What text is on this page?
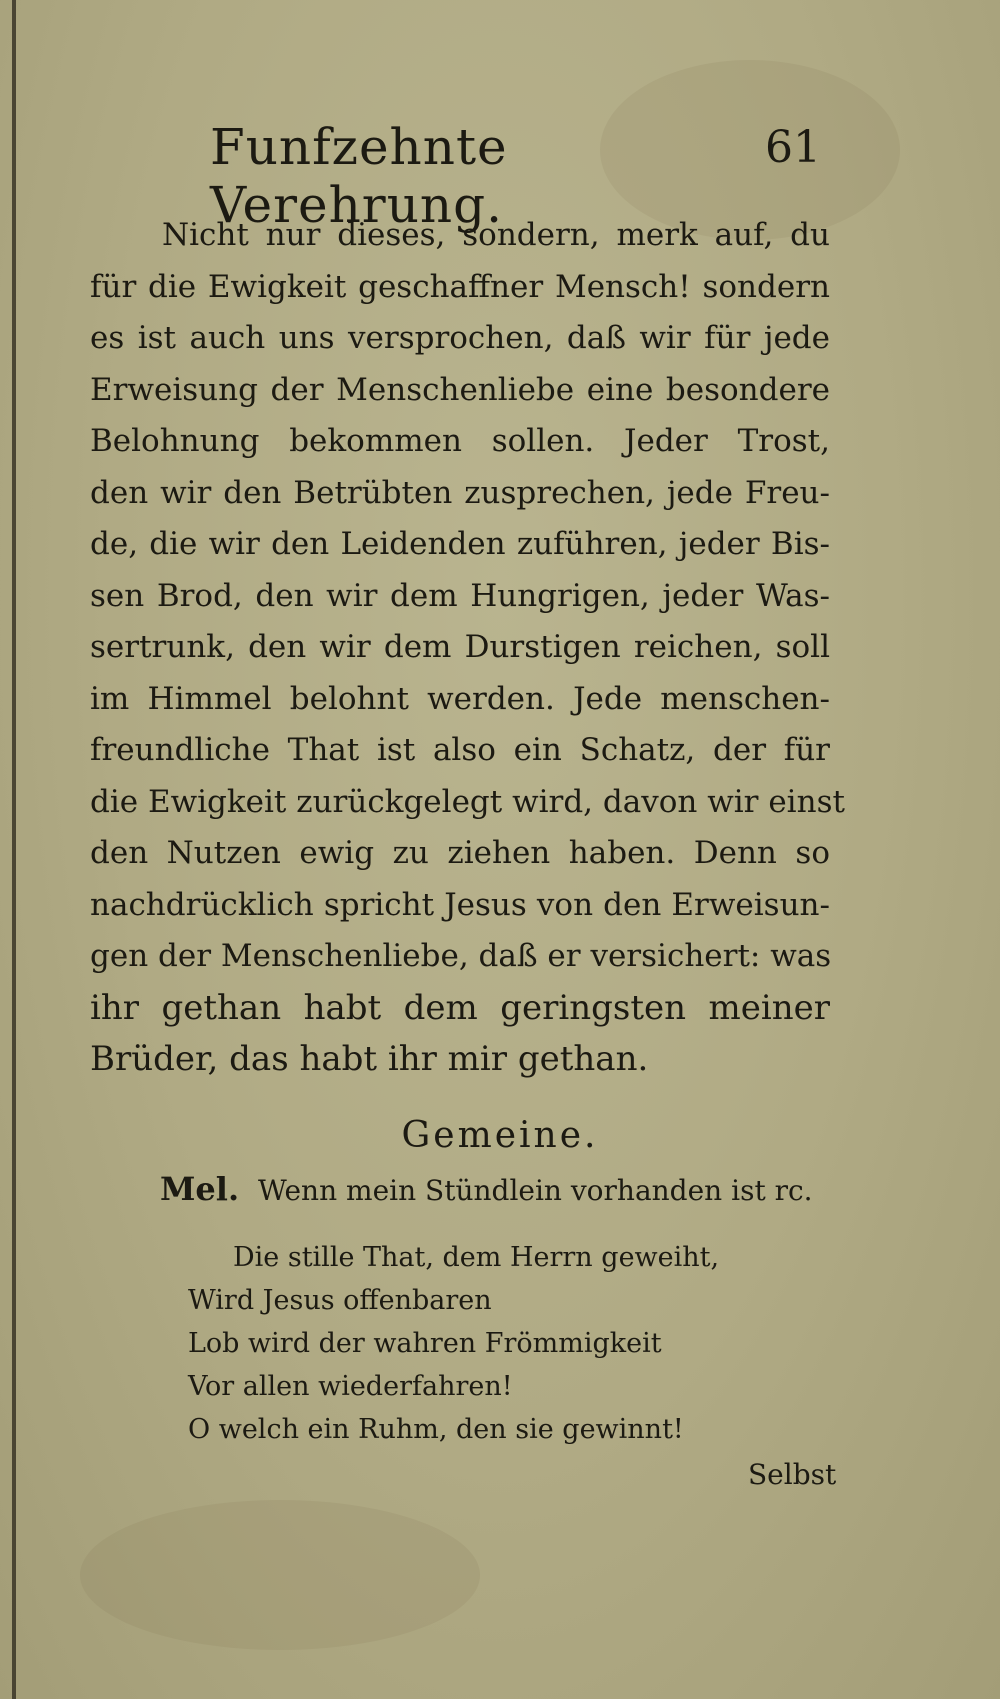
Funfzehnte Verehrung.
61
Nicht nur dieses, sondern, merk auf, du
für die Ewigkeit geschaffner Mensch! sondern
es ist auch uns versprochen, daß wir für jede
Erweisung der Menschenliebe eine besondere
Belohnung bekommen sollen. Jeder Trost,
den wir den Betrübten zusprechen, jede Freu-
de, die wir den Leidenden zuführen, jeder Bis-
sen Brod, den wir dem Hungrigen, jeder Was-
sertrunk, den wir dem Durstigen reichen, soll
im Himmel belohnt werden. Jede menschen-
freundliche That ist also ein Schatz, der für
die Ewigkeit zurückgelegt wird, davon wir einst
den Nutzen ewig zu ziehen haben. Denn so
nachdrücklich spricht Jesus von den Erweisun-
gen der Menschenliebe, daß er versichert: was
ihr gethan habt dem geringsten meiner
Brüder, das habt ihr mir gethan.
Gemeine.
Mel. Wenn mein Stündlein vorhanden ist rc.
Die stille That, dem Herrn geweiht,
Wird Jesus offenbaren
Lob wird der wahren Frömmigkeit
Vor allen wiederfahren!
O welch ein Ruhm, den sie gewinnt!
Selbst
